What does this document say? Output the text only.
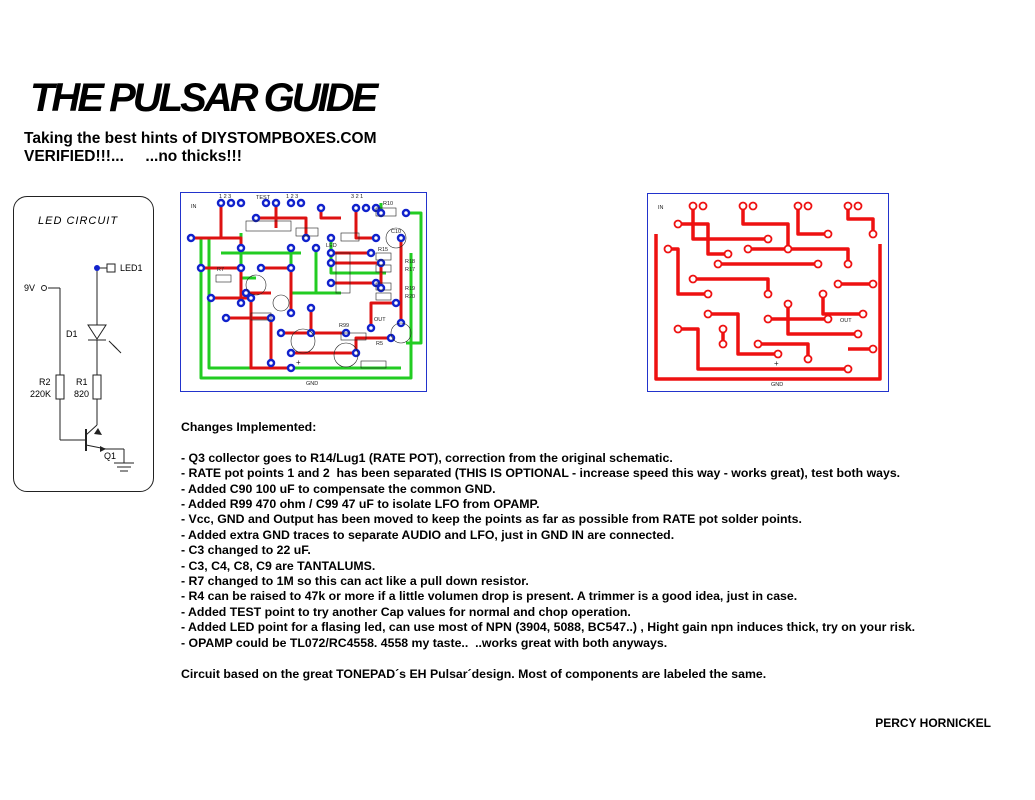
THE PULSAR GUIDE
Taking the best hints of DIYSTOMPBOXES.COM
VERIFIED!!!...     ...no thicks!!!
LED CIRCUIT
LED1
9V
D1
R2
220K
R1
820
Q1
IN
1 2 3	TEST	1 2 3	3 2 1
R10
C10
LED
R7
R15
R18
R17
R19
R20
OUT
R99
R5
GND
+
IN
OUT
GND
+
Changes Implemented:

- Q3 collector goes to R14/Lug1 (RATE POT), correction from the original schematic.
- RATE pot points 1 and 2  has been separated (THIS IS OPTIONAL - increase speed this way - works great), test both ways.
- Added C90 100 uF to compensate the common GND.
- Added R99 470 ohm / C99 47 uF to isolate LFO from OPAMP.
- Vcc, GND and Output has been moved to keep the points as far as possible from RATE pot solder points.
- Added extra GND traces to separate AUDIO and LFO, just in GND IN are connected.
- C3 changed to 22 uF.
- C3, C4, C8, C9 are TANTALUMS.
- R7 changed to 1M so this can act like a pull down resistor.
- R4 can be raised to 47k or more if a little volumen drop is present. A trimmer is a good idea, just in case.
- Added TEST point to try another Cap values for normal and chop operation.
- Added LED point for a flasing led, can use most of NPN (3904, 5088, BC547..) , Hight gain npn induces thick, try on your risk.
- OPAMP could be TL072/RC4558. 4558 my taste..  ..works great with both anyways.

Circuit based on the great TONEPAD´s EH Pulsar´design. Most of components are labeled the same.
PERCY HORNICKEL
